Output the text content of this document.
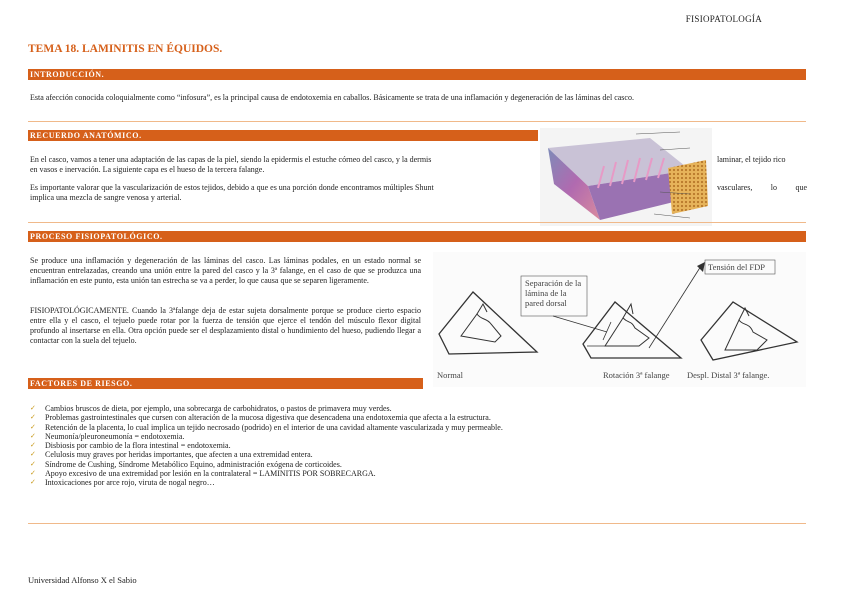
FISIOPATOLOGÍA
TEMA 18. LAMINITIS EN ÉQUIDOS.
INTRODUCCIÓN.
Esta afección conocida coloquialmente como “infosura”, es la principal causa de endotoxemia en caballos. Básicamente se trata de una inflamación y degeneración de las láminas del casco.
RECUERDO ANATÓMICO.
En el casco, vamos a tener una adaptación de las capas de la piel, siendo la epidermis el estuche córneo del casco, y la dermis	laminar, el tejido rico
en vasos e inervación. La siguiente capa es el hueso de la tercera falange.
Es importante valorar que la vascularización de estos tejidos, debido a que es una porción donde encontramos múltiples Shunt	vasculares, lo que
implica una mezcla de sangre venosa y arterial.
PROCESO FISIOPATOLÓGICO.
Se produce una inflamación y degeneración de las láminas del casco. Las láminas podales, en un estado normal se encuentran entrelazadas, creando una unión entre la pared del casco y la 3ª falange, en el caso de que se produzca una inflamación en este punto, esta unión tan estrecha se va a perder, lo que causa que se separen ligeramente.
FISIOPATOLÓGICAMENTE. Cuando la 3ªfalange deja de estar sujeta dorsalmente porque se produce cierto espacio entre ella y el casco, el tejuelo puede rotar por la fuerza de tensión que ejerce el tendón del músculo flexor digital profundo al insertarse en ella. Otra opción puede ser el desplazamiento distal o hundimiento del hueso, pudiendo llegar a contactar con la suela del tejuelo.
Separación de la lámina de la pared dorsal
Tensión del FDP
Normal	Rotación 3ª falange Despl. Distal 3ª falange.
FACTORES DE RIESGO.
✓ Cambios bruscos de dieta, por ejemplo, una sobrecarga de carbohidratos, o pastos de primavera muy verdes.
✓ Problemas gastrointestinales que cursen con alteración de la mucosa digestiva que desencadena una endotoxemia que afecta a la estructura.
✓ Retención de la placenta, lo cual implica un tejido necrosado (podrido) en el interior de una cavidad altamente vascularizada y muy permeable.
✓ Neumonía/pleuroneumonía = endotoxemia.
✓ Disbiosis por cambio de la flora intestinal = endotoxemia.
✓ Celulosis muy graves por heridas importantes, que afecten a una extremidad entera.
✓ Síndrome de Cushing, Síndrome Metabólico Equino, administración exógena de corticoides.
✓ Apoyo excesivo de una extremidad por lesión en la contralateral = LAMINITIS POR SOBRECARGA.
✓ Intoxicaciones por arce rojo, viruta de nogal negro…
Universidad Alfonso X el Sabio
